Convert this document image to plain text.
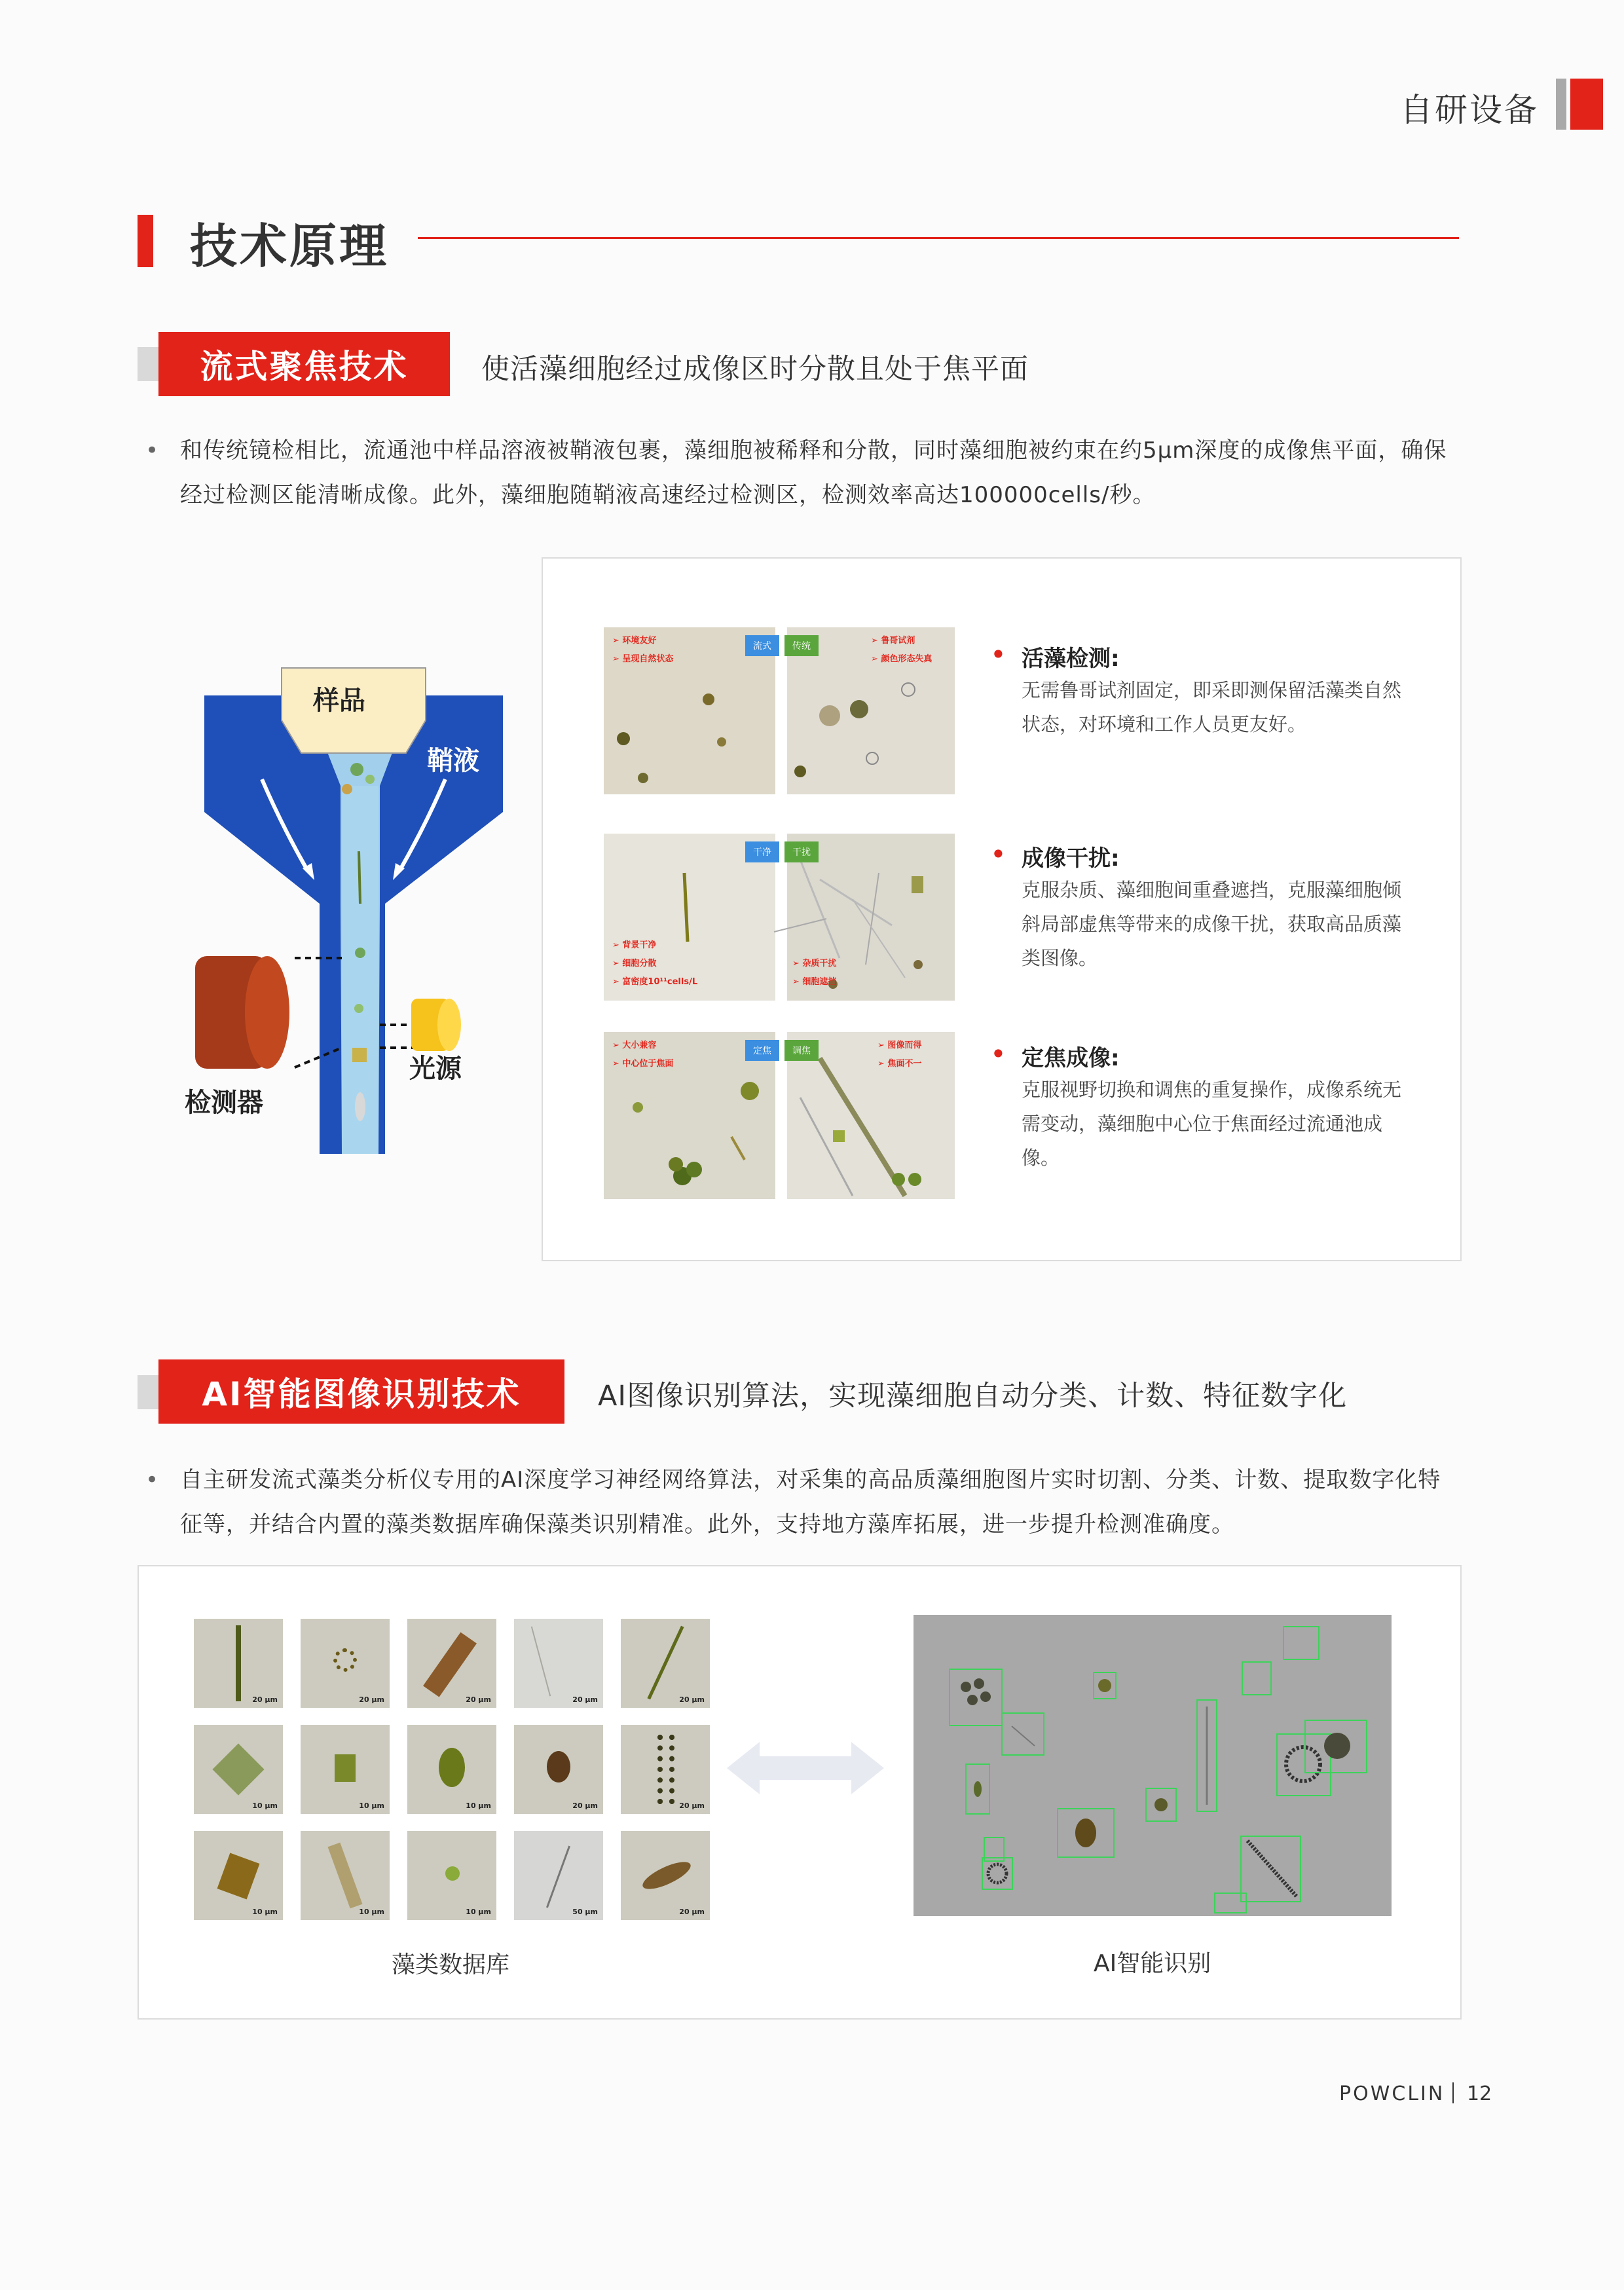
自研设备
技术原理
流式聚焦技术	使活藻细胞经过成像区时分散且处于焦平面
• 和传统镜检相比，流通池中样品溶液被鞘液包裹，藻细胞被稀释和分散，同时藻细胞被约束在约5μm深度的成像焦平面，确保经过检测区能清晰成像。此外，藻细胞随鞘液高速经过检测区，检测效率高达100000cells/秒。
样品
鞘液
光源
检测器
流式	传统
➢ 环境友好
➢ 呈现自然状态
➢ 鲁哥试剂
➢ 颜色形态失真
干净	干扰
➢ 背景干净
➢ 细胞分散
➢ 富密度10¹¹cells/L
➢ 杂质干扰
➢ 细胞遮挡
定焦	调焦
➢ 大小兼容
➢ 中心位于焦面
➢ 图像而得
➢ 焦面不一
• 活藻检测:
无需鲁哥试剂固定，即采即测保留活藻类自然状态，对环境和工作人员更友好。
• 成像干扰:
克服杂质、藻细胞间重叠遮挡，克服藻细胞倾斜局部虚焦等带来的成像干扰，获取高品质藻类图像。
• 定焦成像:
克服视野切换和调焦的重复操作，成像系统无需变动，藻细胞中心位于焦面经过流通池成像。
AI智能图像识别技术	AI图像识别算法，实现藻细胞自动分类、计数、特征数字化
• 自主研发流式藻类分析仪专用的AI深度学习神经网络算法，对采集的高品质藻细胞图片实时切割、分类、计数、提取数字化特征等，并结合内置的藻类数据库确保藻类识别精准。此外，支持地方藻库拓展，进一步提升检测准确度。
20 μm	20 μm	20 μm	20 μm	20 μm
10 μm	10 μm	10 μm	20 μm	20 μm
10 μm	10 μm	10 μm	50 μm	20 μm
藻类数据库	AI智能识别
POWCLIN 12
